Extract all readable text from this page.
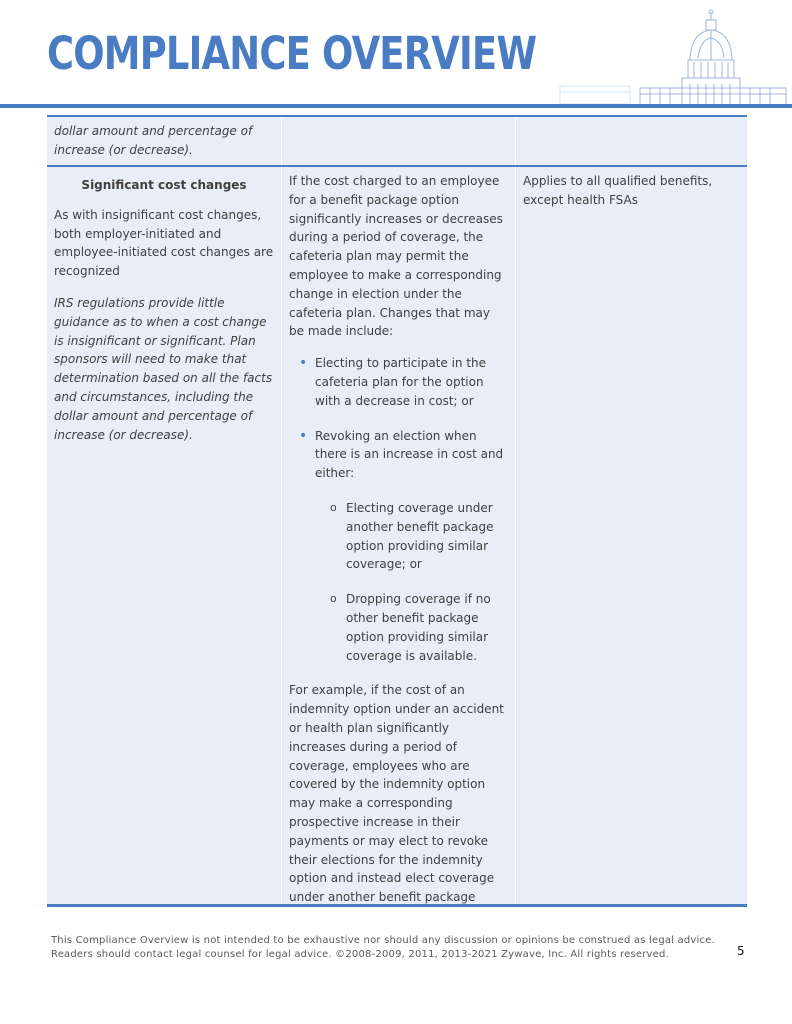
COMPLIANCE OVERVIEW
dollar amount and percentage of increase (or decrease).
Significant cost changes

As with insignificant cost changes, both employer-initiated and employee-initiated cost changes are recognized

IRS regulations provide little guidance as to when a cost change is insignificant or significant. Plan sponsors will need to make that determination based on all the facts and circumstances, including the dollar amount and percentage of increase (or decrease).

If the cost charged to an employee for a benefit package option significantly increases or decreases during a period of coverage, the cafeteria plan may permit the employee to make a corresponding change in election under the cafeteria plan. Changes that may be made include:

• Electing to participate in the cafeteria plan for the option with a decrease in cost; or
• Revoking an election when there is an increase in cost and either:
o Electing coverage under another benefit package option providing similar coverage; or
o Dropping coverage if no other benefit package option providing similar coverage is available.

For example, if the cost of an indemnity option under an accident or health plan significantly increases during a period of coverage, employees who are covered by the indemnity option may make a corresponding prospective increase in their payments or may elect to revoke their elections for the indemnity option and instead elect coverage under another benefit package

Applies to all qualified benefits, except health FSAs
This Compliance Overview is not intended to be exhaustive nor should any discussion or opinions be construed as legal advice.
Readers should contact legal counsel for legal advice. ©2008-2009, 2011, 2013-2021 Zywave, Inc. All rights reserved.	5
